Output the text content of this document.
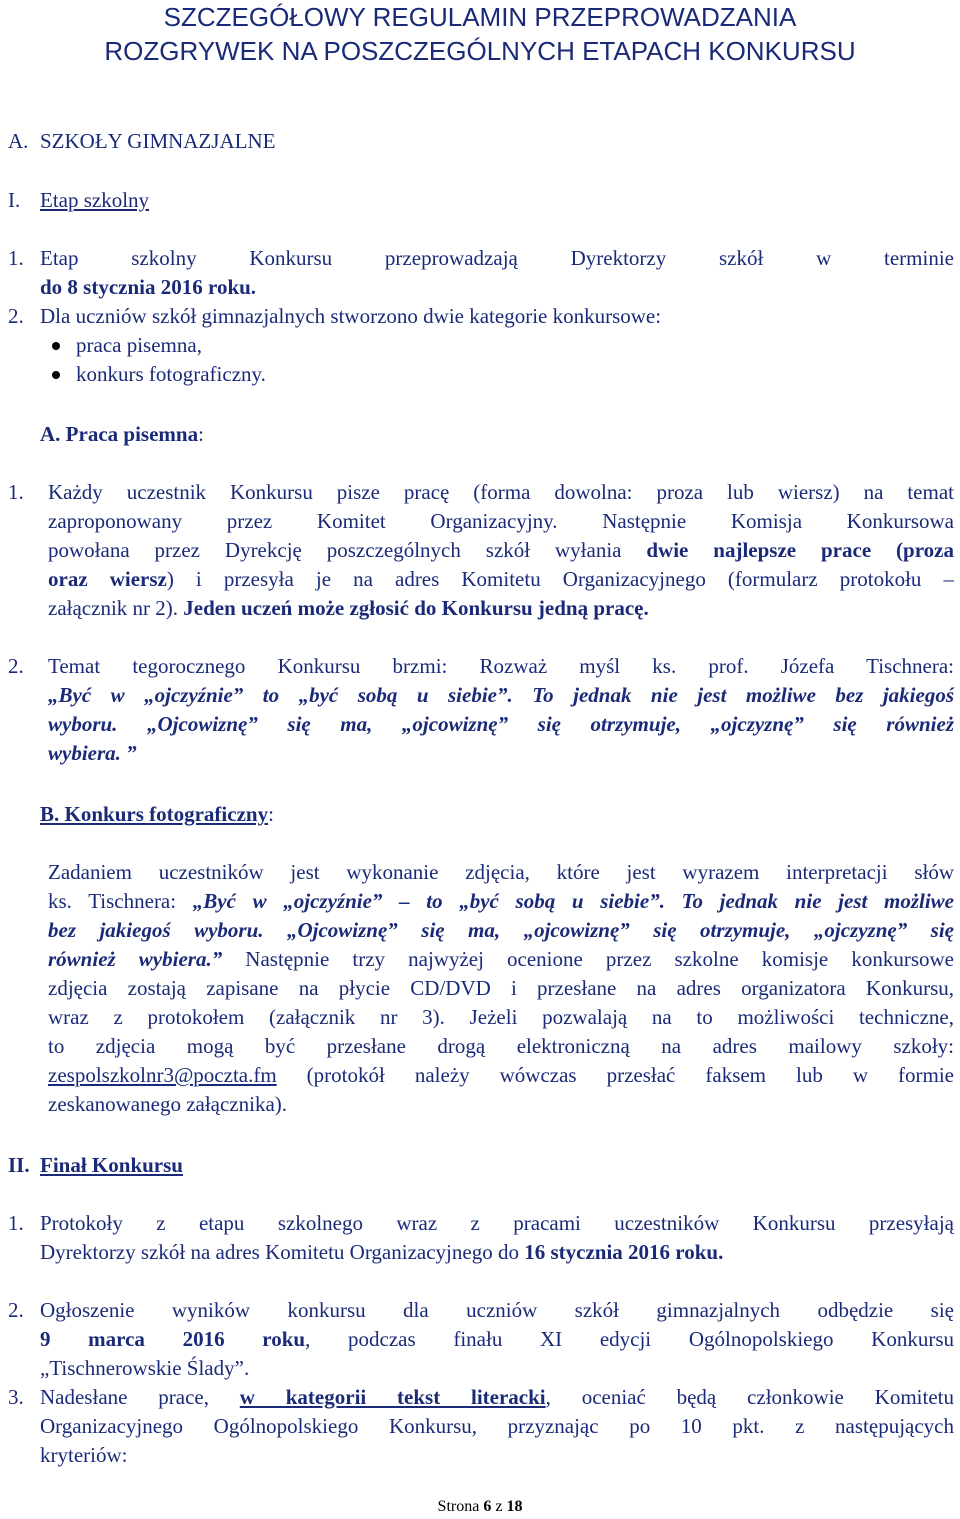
SZCZEGÓŁOWY REGULAMIN PRZEPROWADZANIA
ROZGRYWEK NA POSZCZEGÓLNYCH ETAPACH KONKURSU
A. SZKOŁY GIMNAZJALNE
I. Etap szkolny
1. Etap szkolny Konkursu przeprowadzają Dyrektorzy szkół w terminie
do 8 stycznia 2016 roku.
2. Dla uczniów szkół gimnazjalnych stworzono dwie kategorie konkursowe:
praca pisemna,
konkurs fotograficzny.
A. Praca pisemna:
1. Każdy uczestnik Konkursu pisze pracę (forma dowolna: proza lub wiersz) na temat
zaproponowany przez Komitet Organizacyjny. Następnie Komisja Konkursowa
powołana przez Dyrekcję poszczególnych szkół wyłania dwie najlepsze prace (proza
oraz wiersz) i przesyła je na adres Komitetu Organizacyjnego (formularz protokołu –
załącznik nr 2). Jeden uczeń może zgłosić do Konkursu jedną pracę.
2. Temat tegorocznego Konkursu brzmi: Rozważ myśl ks. prof. Józefa Tischnera:
„Być w „ojczyźnie” to „być sobą u siebie”. To jednak nie jest możliwe bez jakiegoś
wyboru. „Ojcowiznę” się ma, „ojcowiznę” się otrzymuje, „ojczyznę” się również
wybiera. ”
B. Konkurs fotograficzny:
Zadaniem uczestników jest wykonanie zdjęcia, które jest wyrazem interpretacji słów
ks. Tischnera: „Być w „ojczyźnie” – to „być sobą u siebie”. To jednak nie jest możliwe
bez jakiegoś wyboru. „Ojcowiznę” się ma, „ojcowiznę” się otrzymuje, „ojczyznę” się
również wybiera.” Następnie trzy najwyżej ocenione przez szkolne komisje konkursowe
zdjęcia zostają zapisane na płycie CD/DVD i przesłane na adres organizatora Konkursu,
wraz z protokołem (załącznik nr 3). Jeżeli pozwalają na to możliwości techniczne,
to zdjęcia mogą być przesłane drogą elektroniczną na adres mailowy szkoły:
zespolszkolnr3@poczta.fm (protokół należy wówczas przesłać faksem lub w formie
zeskanowanego załącznika).
II. Finał Konkursu
1. Protokoły z etapu szkolnego wraz z pracami uczestników Konkursu przesyłają
Dyrektorzy szkół na adres Komitetu Organizacyjnego do 16 stycznia 2016 roku.
2. Ogłoszenie wyników konkursu dla uczniów szkół gimnazjalnych odbędzie się
9 marca 2016 roku, podczas finału XI edycji Ogólnopolskiego Konkursu
„Tischnerowskie Ślady”.
3. Nadesłane prace, w kategorii tekst literacki, oceniać będą członkowie Komitetu
Organizacyjnego Ogólnopolskiego Konkursu, przyznając po 10 pkt. z następujących
kryteriów:
Strona 6 z 18
